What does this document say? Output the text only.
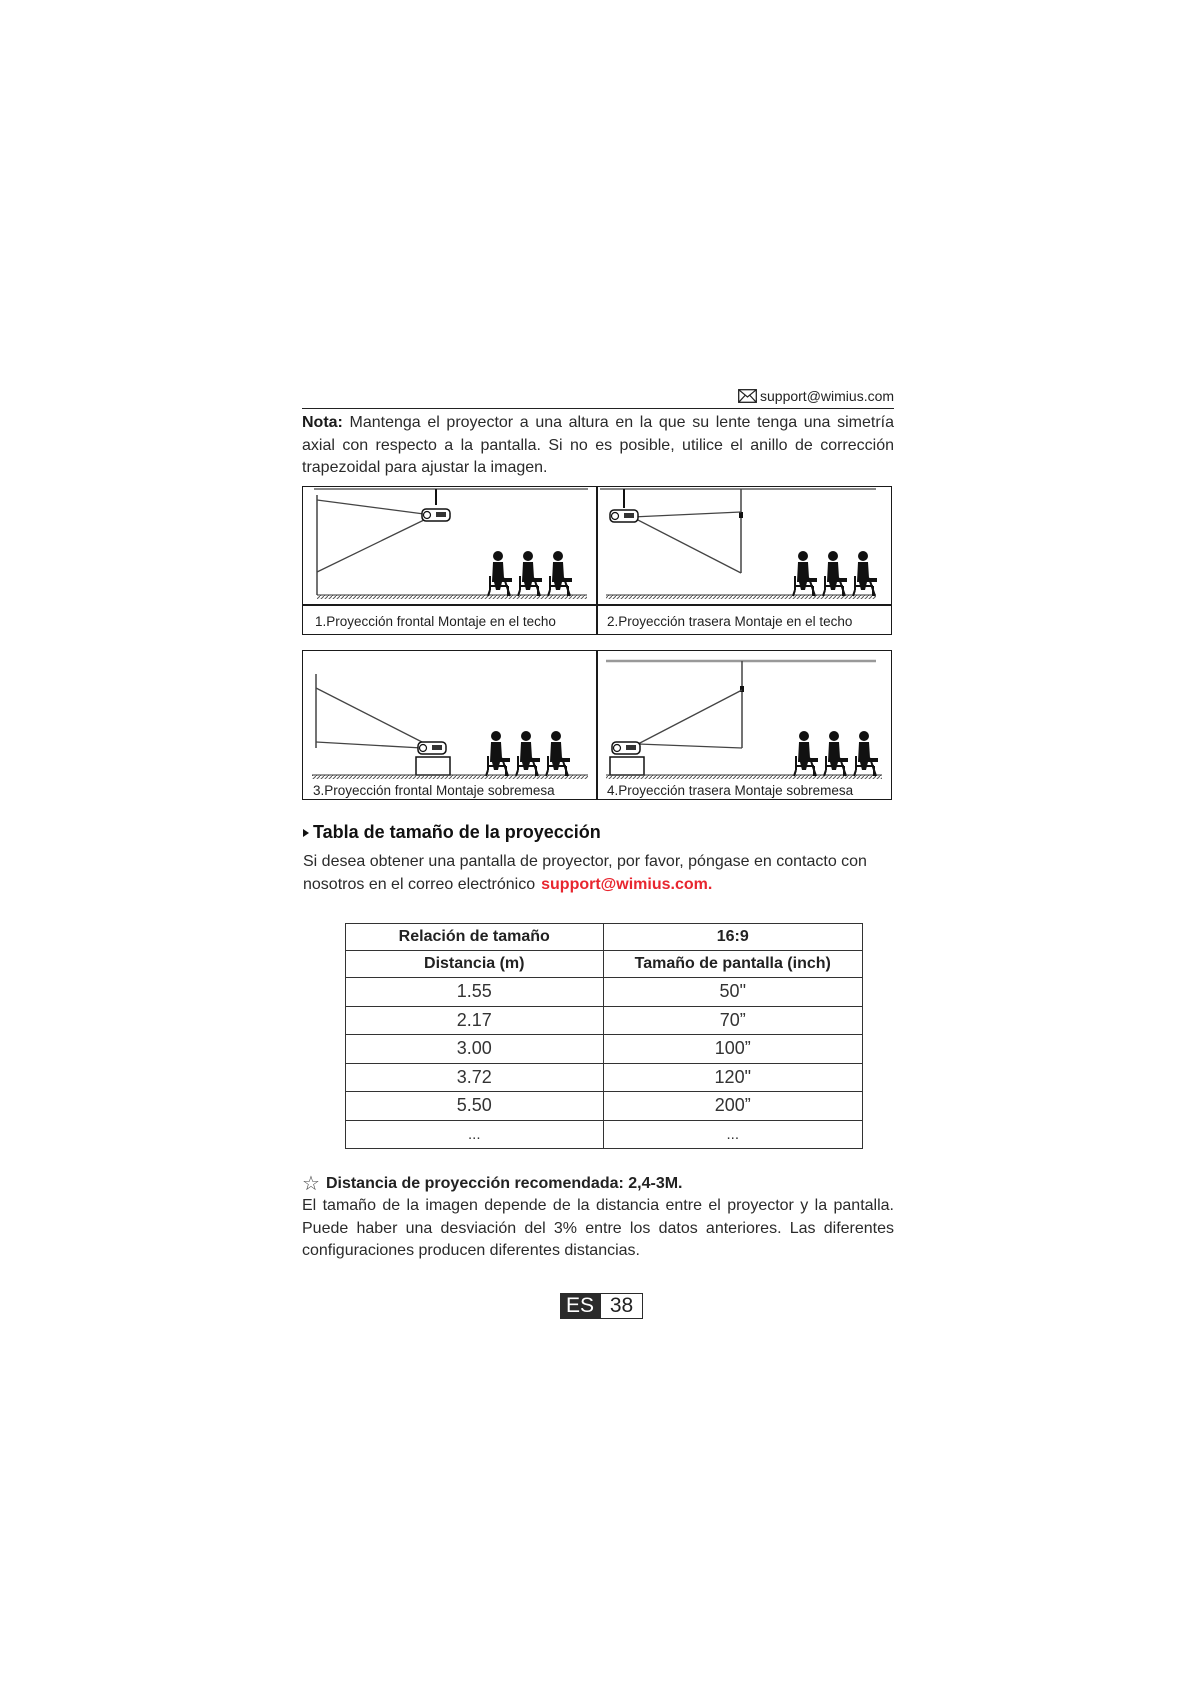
support@wimius.com
Nota: Mantenga el proyector a una altura en la que su lente tenga una simetría axial con respecto a la pantalla. Si no es posible, utilice el anillo de corrección trapezoidal para ajustar la imagen.
1.Proyección frontal Montaje en el techo	2.Proyección trasera Montaje en el techo
3.Proyección frontal Montaje sobremesa	4.Proyección trasera Montaje sobremesa
Tabla de tamaño de la proyección
Si desea obtener una pantalla de proyector, por favor, póngase en contacto con nosotros en el correo electrónico support@wimius.com.
Relación de tamaño	16:9
Distancia (m)	Tamaño de pantalla (inch)
1.55	50"
2.17	70”
3.00	100”
3.72	120"
5.50	200”
...	...
☆ Distancia de proyección recomendada: 2,4-3M.
El tamaño de la imagen depende de la distancia entre el proyector y la pantalla. Puede haber una desviación del 3% entre los datos anteriores. Las diferentes configuraciones producen diferentes distancias.
ES 38
